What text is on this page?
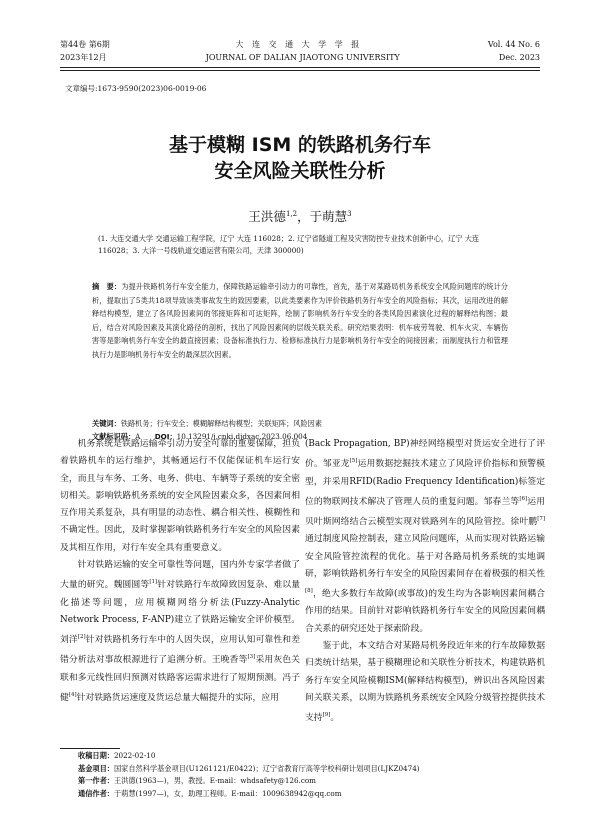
第44卷 第6期	大 连 交 通 大 学 学 报	Vol. 44 No. 6
2023年12月	JOURNAL OF DALIAN JIAOTONG UNIVERSITY	Dec. 2023
文章编号:1673-9590(2023)06-0019-06
基于模糊 ISM 的铁路机务行车
安全风险关联性分析
王洪德$^{1,2}$，于萌慧$^3$
(1. 大连交通大学 交通运输工程学院，辽宁 大连 116028；2. 辽宁省隧道工程及灾害防控专业技术创新中心，辽宁 大连 116028；3. 大洋一号线轨道交通运营有限公司，天津 300000)
摘　要：为提升铁路机务行车安全能力，保障铁路运输牵引动力的可靠性，首先，基于对某路局机务系统安全风险问题库的统计分析，提取出了5类共18项导致该类事故发生的致因要素，以此类要素作为评价铁路机务行车安全的风险指标；其次，运用改进的解释结构模型，建立了各风险因素间的邻接矩阵和可达矩阵，绘制了影响机务行车安全的各类风险因素演化过程的解释结构图；最后，结合对风险因素及其演化路径的剖析，找出了风险因素间的层级关联关系。研究结果表明：机车疲劳驾驶、机车火灾、车辆伤害等是影响机务行车安全的最直接因素；设备标准执行力、检修标准执行力是影响机务行车安全的间接因素；而制度执行力和管理执行力是影响机务行车安全的最深层次因素。
关键词：铁路机务；行车安全；模糊解释结构模型；关联矩阵；风险因素
文献标识码：A   DOI：10.13291/j.cnki.djdxac.2023.06.004

机务系统是铁路运输牵引动力安全可靠的重要保障，担负着铁路机车的运行维护，其畅通运行不仅能保证机车运行安全，而且与车务、工务、电务、供电、车辆等子系统的安全密切相关。影响铁路机务系统的安全风险因素众多，各因素间相互作用关系复杂，具有明显的动态性、耦合相关性、模糊性和不确定性。因此，及时掌握影响铁路机务行车安全的风险因素及其相互作用，对行车安全具有重要意义。

针对铁路运输的安全可靠性等问题，国内外专家学者做了大量的研究。魏圆圆等[1]针对铁路行车故障致因复杂、难以量化描述等问题，应用模糊网络分析法(Fuzzy-Analytic Network Process, F-ANP)建立了铁路运输安全评价模型。刘洋[2]针对铁路机务行车中的人因失误，应用认知可靠性和差错分析法对事故根源进行了追溯分析。王晚香等[3]采用灰色关联和多元线性回归预测对铁路客运需求进行了短期预测。冯子健[4]针对铁路货运速度及货运总量大幅提升的实际，应用

(Back Propagation, BP)神经网络模型对货运安全进行了评价。邹亚龙[5]运用数据挖掘技术建立了风险评价指标和预警模型，并采用RFID(Radio Frequency Identification)标签定位的物联网技术解决了管理人员的重复问题。邹春兰等[6]运用贝叶斯网络结合云模型实现对铁路列车的风险管控。徐叶鹏[7]通过制度风险控制表，建立风险问题库，从而实现对铁路运输安全风险管控流程的优化。基于对各路局机务系统的实地调研，影响铁路机务行车安全的风险因素间存在着极强的相关性[8]，绝大多数行车故障(或事故)的发生均为各影响因素间耦合作用的结果。目前针对影响铁路机务行车安全的风险因素间耦合关系的研究还处于探索阶段。

鉴于此，本文结合对某路局机务段近年来的行车故障数据归类统计结果，基于模糊理论和关联性分析技术，构建铁路机务行车安全风险模糊ISM(解释结构模型)，辨识出各风险因素间关联关系，以期为铁路机务系统安全风险分级管控提供技术支持[9]。

收稿日期：2022-02-10
基金项目：国家自然科学基金项目(U1261121/E0422)；辽宁省教育厅高等学校科研计划项目(LJKZ0474)
第一作者：王洪德(1963—)，男，教授。E-mail：whdsafety@126.com
通信作者：于萌慧(1997—)，女，助理工程师。E-mail：1009638942@qq.com
